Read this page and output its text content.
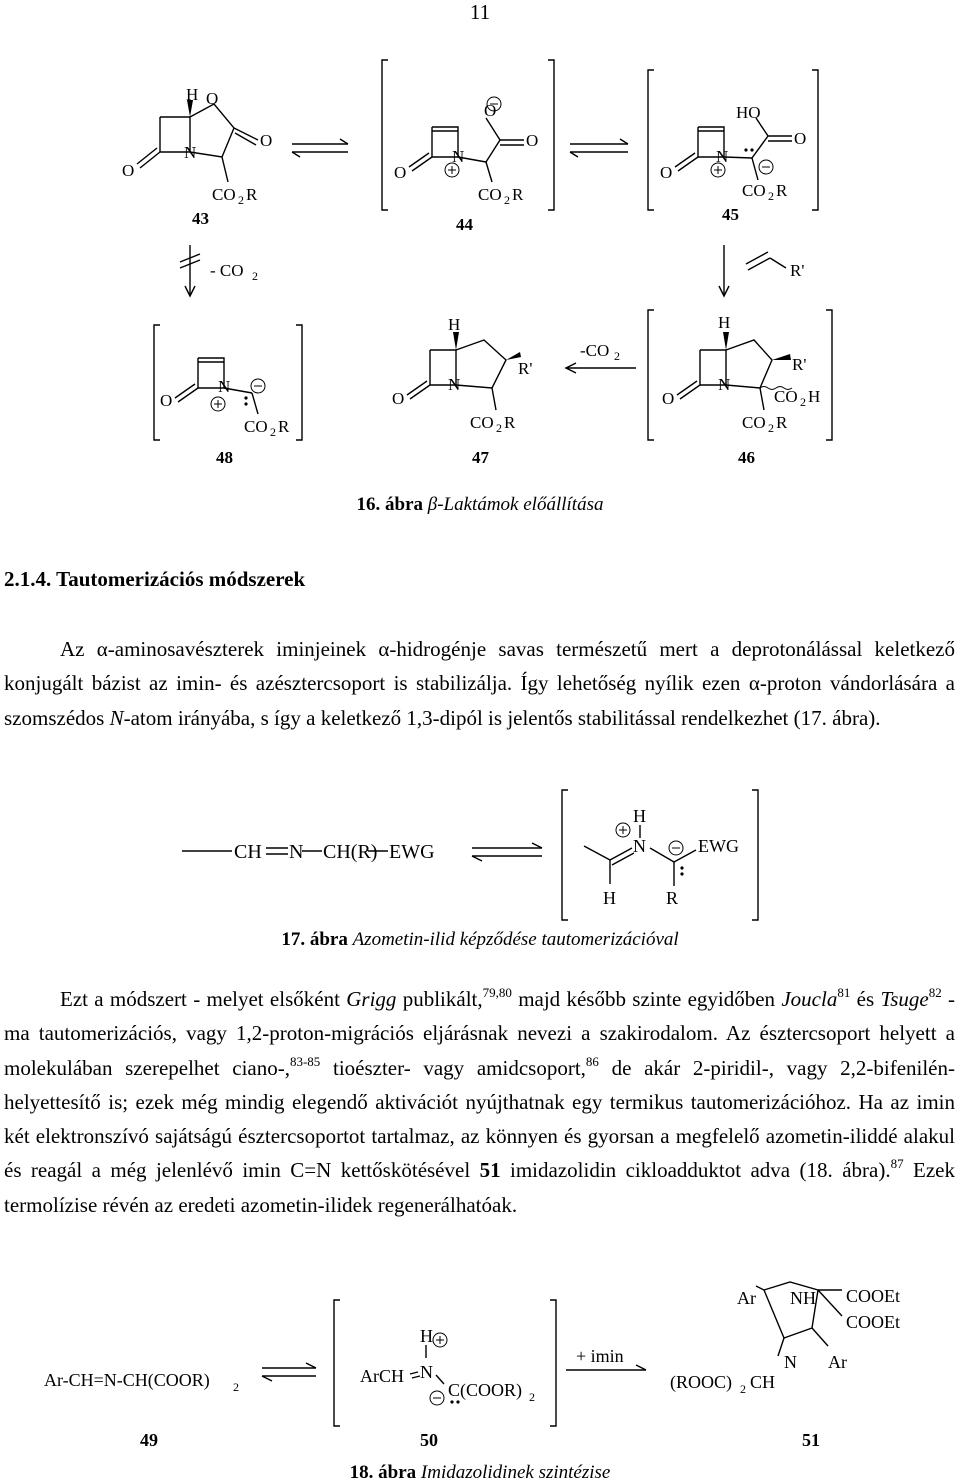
11
H O
N
O
O
CO 2 R
O
N
O
O
CO 2 R
HO
N
O
O
CO 2 R
N
O
CO 2 R
H
N
R'
O
CO 2 R
H
N
R'
O	CO 2 H
CO 2 R
- CO 2
-CO 2
R'
43	44
45
48	47	46
16. ábra β-Laktámok előállítása
2.1.4. Tautomerizációs módszerek
Az α-aminosavészterek iminjeinek α-hidrogénje savas természetű mert a deprotonálással keletkező konjugált bázist az imin- és azésztercsoport is stabilizálja. Így lehetőség nyílik ezen α-proton vándorlására a szomszédos N-atom irányába, s így a keletkező 1,3-dipól is jelentős stabilitással rendelkezhet (17. ábra).
CH N CH(R) EWG
H
N	EWG
H	R
17. ábra Azometin-ilid képződése tautomerizációval
Ezt a módszert - melyet elsőként Grigg publikált,$^{79,80}$ majd később szinte egyidőben Joucla$^{81}$ és Tsuge$^{82}$ - ma tautomerizációs, vagy 1,2-proton-migrációs eljárásnak nevezi a szakirodalom. Az észtercsoport helyett a molekulában szerepelhet ciano-,$^{83-85}$ tioészter- vagy amidcsoport,$^{86}$ de akár 2-piridil-, vagy 2,2-bifenilén-helyettesítő is; ezek még mindig elegendő aktivációt nyújthatnak egy termikus tautomerizációhoz. Ha az imin két elektronszívó sajátságú észtercsoportot tartalmaz, az könnyen és gyorsan a megfelelő azometin-iliddé alakul és reagál a még jelenlévő imin C=N kettőskötésével 51 imidazolidin cikloadduktot adva (18. ábra).$^{87}$ Ezek termolízise révén az eredeti azometin-ilidek regenerálhatóak.
Ar-CH=N-CH(COOR) 2
H
N
ArCH
C(COOR) 2
+ imin
Ar NH COOEt
COOEt
(ROOC) 2 CH
N Ar
49	50	51
18. ábra Imidazolidinek szintézise
